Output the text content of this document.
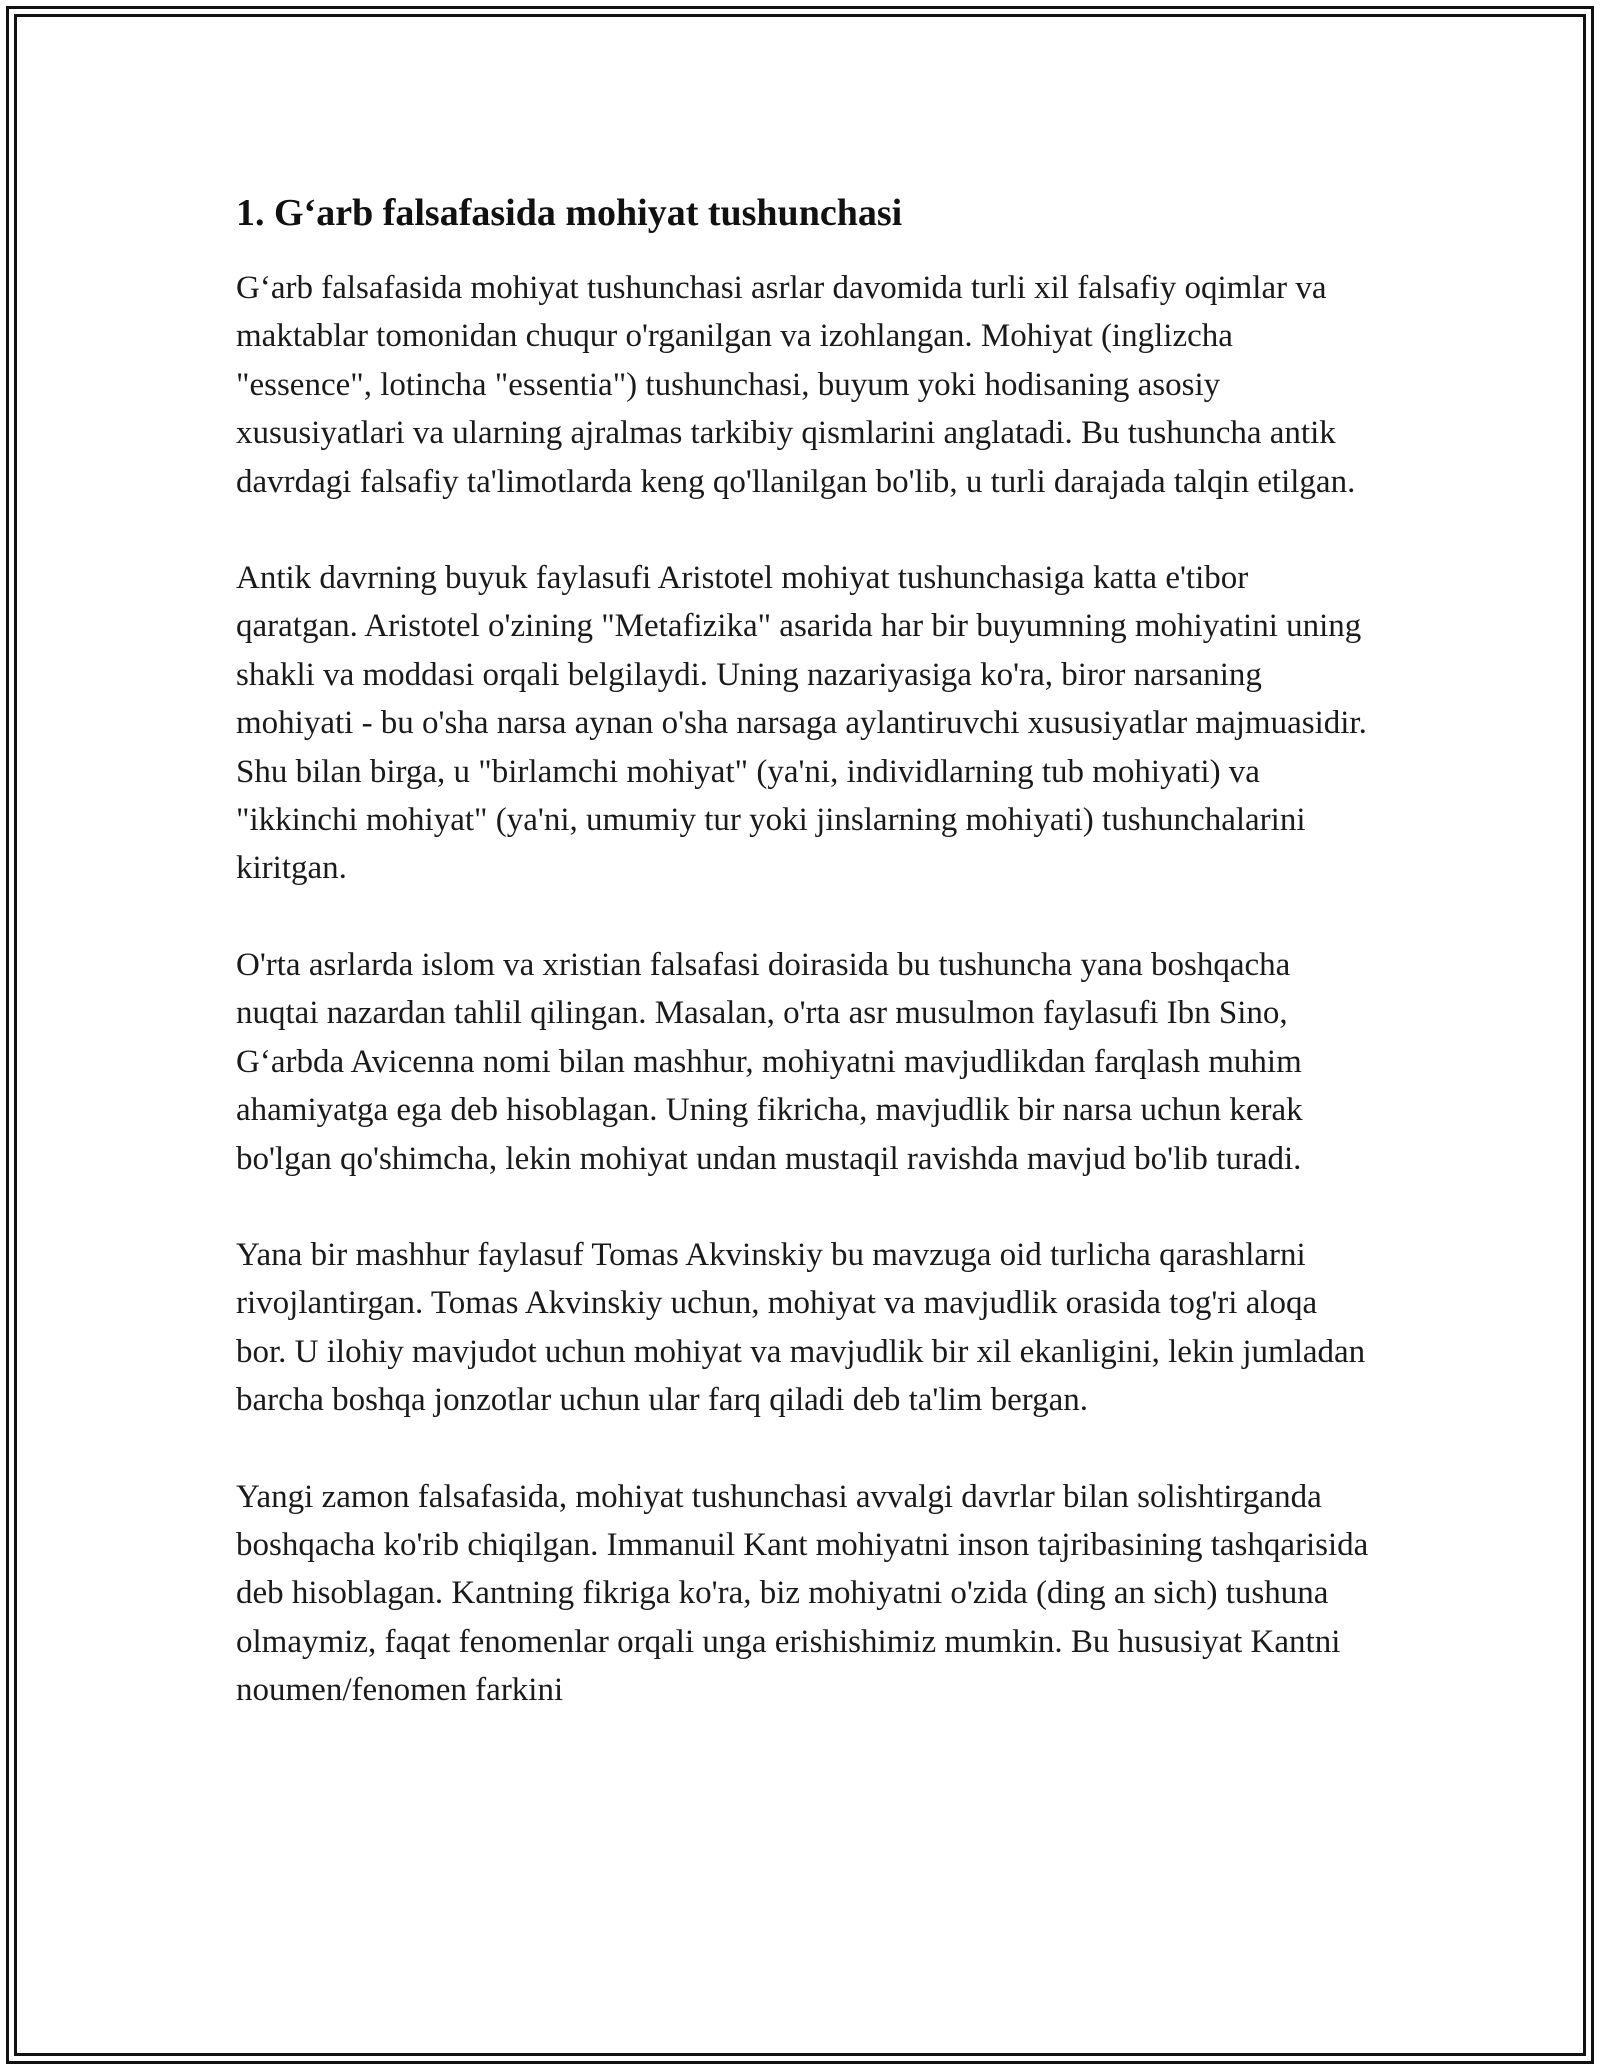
1. G‘arb falsafasida mohiyat tushunchasi

G‘arb falsafasida mohiyat tushunchasi asrlar davomida turli xil falsafiy oqimlar va maktablar tomonidan chuqur o'rganilgan va izohlangan. Mohiyat (inglizcha "essence", lotincha "essentia") tushunchasi, buyum yoki hodisaning asosiy xususiyatlari va ularning ajralmas tarkibiy qismlarini anglatadi. Bu tushuncha antik davrdagi falsafiy ta'limotlarda keng qo'llanilgan bo'lib, u turli darajada talqin etilgan.

Antik davrning buyuk faylasufi Aristotel mohiyat tushunchasiga katta e'tibor qaratgan. Aristotel o'zining "Metafizika" asarida har bir buyumning mohiyatini uning shakli va moddasi orqali belgilaydi. Uning nazariyasiga ko'ra, biror narsaning mohiyati - bu o'sha narsa aynan o'sha narsaga aylantiruvchi xususiyatlar majmuasidir. Shu bilan birga, u "birlamchi mohiyat" (ya'ni, individlarning tub mohiyati) va "ikkinchi mohiyat" (ya'ni, umumiy tur yoki jinslarning mohiyati) tushunchalarini kiritgan.

O'rta asrlarda islom va xristian falsafasi doirasida bu tushuncha yana boshqacha nuqtai nazardan tahlil qilingan. Masalan, o'rta asr musulmon faylasufi Ibn Sino, G‘arbda Avicenna nomi bilan mashhur, mohiyatni mavjudlikdan farqlash muhim ahamiyatga ega deb hisoblagan. Uning fikricha, mavjudlik bir narsa uchun kerak bo'lgan qo'shimcha, lekin mohiyat undan mustaqil ravishda mavjud bo'lib turadi.

Yana bir mashhur faylasuf Tomas Akvinskiy bu mavzuga oid turlicha qarashlarni rivojlantirgan. Tomas Akvinskiy uchun, mohiyat va mavjudlik orasida tog'ri aloqa bor. U ilohiy mavjudot uchun mohiyat va mavjudlik bir xil ekanligini, lekin jumladan barcha boshqa jonzotlar uchun ular farq qiladi deb ta'lim bergan.

Yangi zamon falsafasida, mohiyat tushunchasi avvalgi davrlar bilan solishtirganda boshqacha ko'rib chiqilgan. Immanuil Kant mohiyatni inson tajribasining tashqarisida deb hisoblagan. Kantning fikriga ko'ra, biz mohiyatni o'zida (ding an sich) tushuna olmaymiz, faqat fenomenlar orqali unga erishishimiz mumkin. Bu hususiyat Kantni noumen/fenomen farkini
